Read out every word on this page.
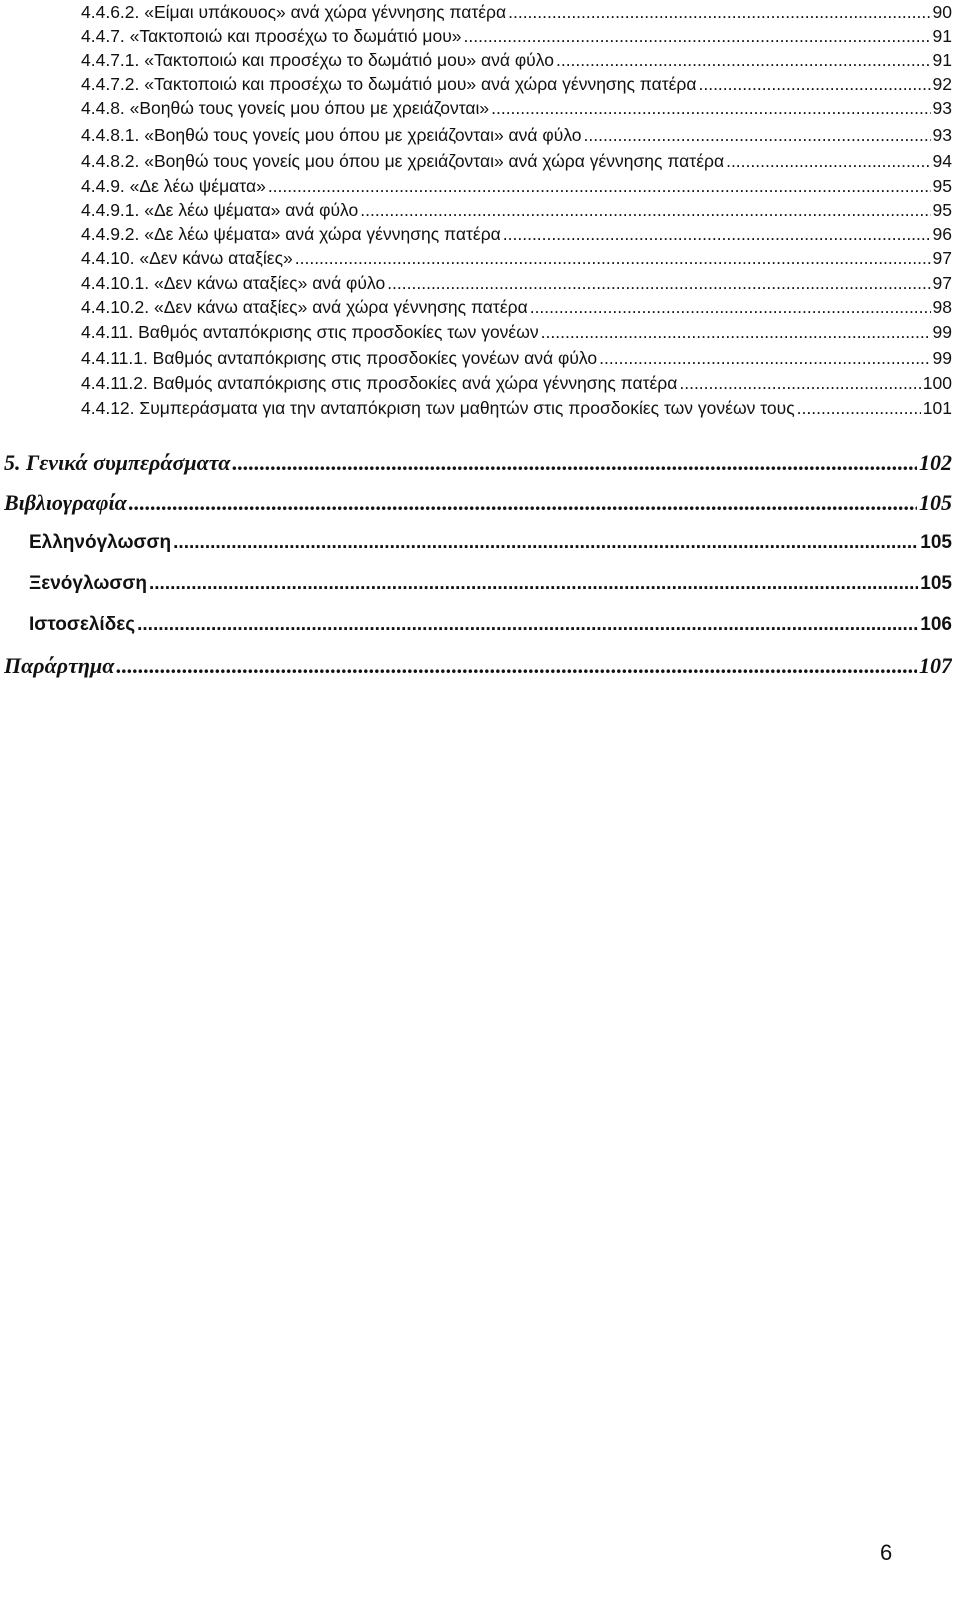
4.4.6.2. «Είμαι υπάκουος» ανά χώρα γέννησης πατέρα .....	90
4.4.7. «Τακτοποιώ και προσέχω το δωμάτιό μου» .....	91
4.4.7.1. «Τακτοποιώ και προσέχω το δωμάτιό μου» ανά φύλο .....	91
4.4.7.2. «Τακτοποιώ και προσέχω το δωμάτιό μου» ανά χώρα γέννησης πατέρα .....	92
4.4.8. «Βοηθώ τους γονείς μου όπου με χρειάζονται» .....	93
4.4.8.1. «Βοηθώ τους γονείς μου όπου με χρειάζονται» ανά φύλο .....	93
4.4.8.2. «Βοηθώ τους γονείς μου όπου με χρειάζονται» ανά χώρα γέννησης πατέρα .....	94
4.4.9. «Δε λέω ψέματα» .....	95
4.4.9.1. «Δε λέω ψέματα» ανά φύλο .....	95
4.4.9.2. «Δε λέω ψέματα» ανά χώρα γέννησης πατέρα .....	96
4.4.10. «Δεν κάνω αταξίες» .....	97
4.4.10.1. «Δεν κάνω αταξίες» ανά φύλο .....	97
4.4.10.2. «Δεν κάνω αταξίες» ανά χώρα γέννησης πατέρα .....	98
4.4.11. Βαθμός ανταπόκρισης στις προσδοκίες των γονέων .....	99
4.4.11.1. Βαθμός ανταπόκρισης στις προσδοκίες γονέων ανά φύλο .....	99
4.4.11.2. Βαθμός ανταπόκρισης στις προσδοκίες ανά χώρα γέννησης πατέρα .....	100
4.4.12. Συμπεράσματα για την ανταπόκριση των μαθητών στις προσδοκίες των γονέων τους .....	101
5. Γενικά συμπεράσματα .....	102
Βιβλιογραφία .....	105
Ελληνόγλωσση .....	105
Ξενόγλωσση .....	105
Ιστοσελίδες .....	106
Παράρτημα .....	107
6
